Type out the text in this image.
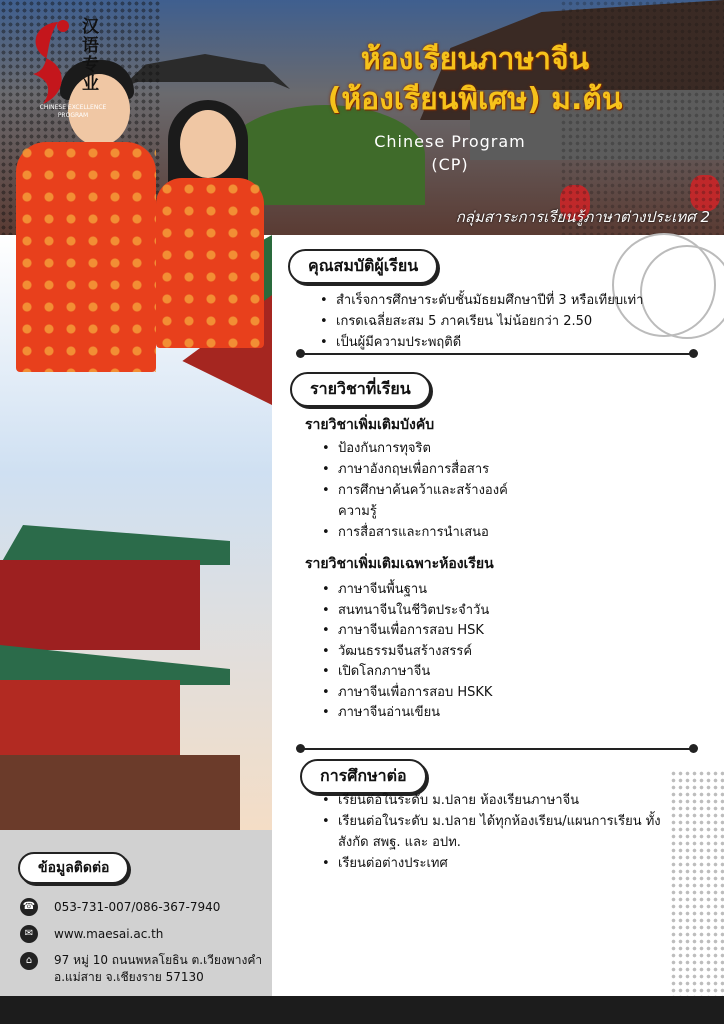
汉
语
专
业
CHINESE EXCELLENCE
PROGRAM
ห้องเรียนภาษาจีน
(ห้องเรียนพิเศษ) ม.ต้น
Chinese Program
(CP)
กลุ่มสาระการเรียนรู้ภาษาต่างประเทศ 2
คุณสมบัติผู้เรียน
• สำเร็จการศึกษาระดับชั้นมัธยมศึกษาปีที่ 3 หรือเทียบเท่า
• เกรดเฉลี่ยสะสม 5 ภาคเรียน ไม่น้อยกว่า 2.50
• เป็นผู้มีความประพฤติดี
รายวิชาที่เรียน
รายวิชาเพิ่มเติมบังคับ
• ป้องกันการทุจริต
• ภาษาอังกฤษเพื่อการสื่อสาร
• การศึกษาค้นคว้าและสร้างองค์ความรู้
• การสื่อสารและการนำเสนอ
รายวิชาเพิ่มเติมเฉพาะห้องเรียน
• ภาษาจีนพื้นฐาน
• สนทนาจีนในชีวิตประจำวัน
• ภาษาจีนเพื่อการสอบ HSK
• วัฒนธรรมจีนสร้างสรรค์
• เปิดโลกภาษาจีน
• ภาษาจีนเพื่อการสอบ HSKK
• ภาษาจีนอ่านเขียน
การศึกษาต่อ
• เรียนต่อในระดับ ม.ปลาย ห้องเรียนภาษาจีน
• เรียนต่อในระดับ ม.ปลาย ได้ทุกห้องเรียน/แผนการเรียน ทั้งสังกัด สพฐ. และ อปท.
• เรียนต่อต่างประเทศ
ข้อมูลติดต่อ
☎ 053-731-007/086-367-7940
✉	www.maesai.ac.th
⌂	97 หมู่ 10 ถนนพหลโยธิน ต.เวียงพางคำ
อ.แม่สาย จ.เชียงราย 57130
